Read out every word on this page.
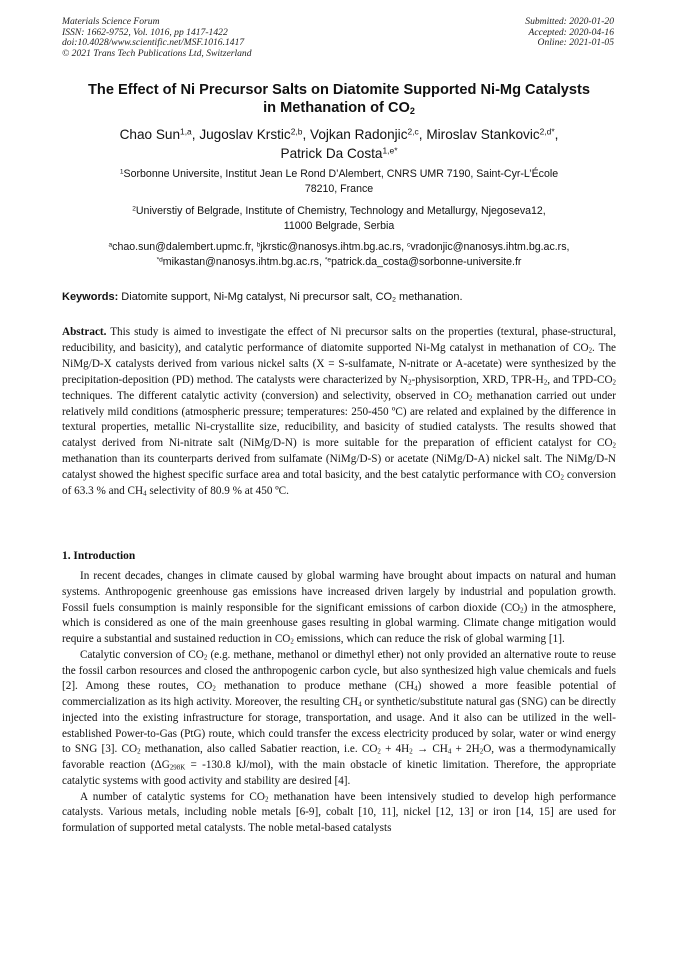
Materials Science Forum
ISSN: 1662-9752, Vol. 1016, pp 1417-1422
doi:10.4028/www.scientific.net/MSF.1016.1417
© 2021 Trans Tech Publications Ltd, Switzerland
Submitted: 2020-01-20
Accepted: 2020-04-16
Online: 2021-01-05
The Effect of Ni Precursor Salts on Diatomite Supported Ni-Mg Catalysts
in Methanation of $CO_2$
Chao Sun$^{1,a}$, Jugoslav Krstic$^{2,b}$, Vojkan Radonjic$^{2,c}$, Miroslav Stankovic$^{2,d*}$,
Patrick Da Costa$^{1,e*}$
$^1$Sorbonne Universite, Institut Jean Le Rond D’Alembert, CNRS UMR 7190, Saint-Cyr-L’École
78210, France
$^2$Universtiy of Belgrade, Institute of Chemistry, Technology and Metallurgy, Njegoseva12,
11000 Belgrade, Serbia
$^a$chao.sun@dalembert.upmc.fr, $^b$jkrstic@nanosys.ihtm.bg.ac.rs, $^c$vradonjic@nanosys.ihtm.bg.ac.rs,
$^{*d}$mikastan@nanosys.ihtm.bg.ac.rs, $^{*e}$patrick.da_costa@sorbonne-universite.fr
Keywords: Diatomite support, Ni-Mg catalyst, Ni precursor salt, $CO_2$ methanation.
Abstract. This study is aimed to investigate the effect of Ni precursor salts on the properties (textural, phase-structural, reducibility, and basicity), and catalytic performance of diatomite supported Ni-Mg catalyst in methanation of $CO_2$. The NiMg/D-X catalysts derived from various nickel salts (X = S-sulfamate, N-nitrate or A-acetate) were synthesized by the precipitation-deposition (PD) method. The catalysts were characterized by $N_2$-physisorption, XRD, TPR-$H_2$, and TPD-$CO_2$ techniques. The different catalytic activity (conversion) and selectivity, observed in $CO_2$ methanation carried out under relatively mild conditions (atmospheric pressure; temperatures: 250-450 ºC) are related and explained by the difference in textural properties, metallic Ni-crystallite size, reducibility, and basicity of studied catalysts. The results showed that catalyst derived from Ni-nitrate salt (NiMg/D-N) is more suitable for the preparation of efficient catalyst for $CO_2$ methanation than its counterparts derived from sulfamate (NiMg/D-S) or acetate (NiMg/D-A) nickel salt. The NiMg/D-N catalyst showed the highest specific surface area and total basicity, and the best catalytic performance with $CO_2$ conversion of 63.3 % and $CH_4$ selectivity of 80.9 % at 450 ºC.
1. Introduction

In recent decades, changes in climate caused by global warming have brought about impacts on natural and human systems. Anthropogenic greenhouse gas emissions have increased driven largely by industrial and population growth. Fossil fuels consumption is mainly responsible for the significant emissions of carbon dioxide $(CO_2)$ in the atmosphere, which is considered as one of the main greenhouse gases resulting in global warming. Climate change mitigation would require a substantial and sustained reduction in $CO_2$ emissions, which can reduce the risk of global warming [1].

Catalytic conversion of $CO_2$ (e.g. methane, methanol or dimethyl ether) not only provided an alternative route to reuse the fossil carbon resources and closed the anthropogenic carbon cycle, but also synthesized high value chemicals and fuels [2]. Among these routes, $CO_2$ methanation to produce methane $(CH_4)$ showed a more feasible potential of commercialization as its high activity. Moreover, the resulting $CH_4$ or synthetic/substitute natural gas (SNG) can be directly injected into the existing infrastructure for storage, transportation, and usage. And it also can be utilized in the well-established Power-to-Gas (PtG) route, which could transfer the excess electricity produced by solar, water or wind energy to SNG [3]. $CO_2$ methanation, also called Sabatier reaction, i.e. $CO_2 + 4H_2 \to CH_4 + 2H_2O$, was a thermodynamically favorable reaction ($\Delta G_{298K} = -130.8$ kJ/mol), with the main obstacle of kinetic limitation. Therefore, the appropriate catalytic systems with good activity and stability are desired [4].

A number of catalytic systems for $CO_2$ methanation have been intensively studied to develop high performance catalysts. Various metals, including noble metals [6-9], cobalt [10, 11], nickel [12, 13] or iron [14, 15] are used for formulation of supported metal catalysts. The noble metal-based catalysts
